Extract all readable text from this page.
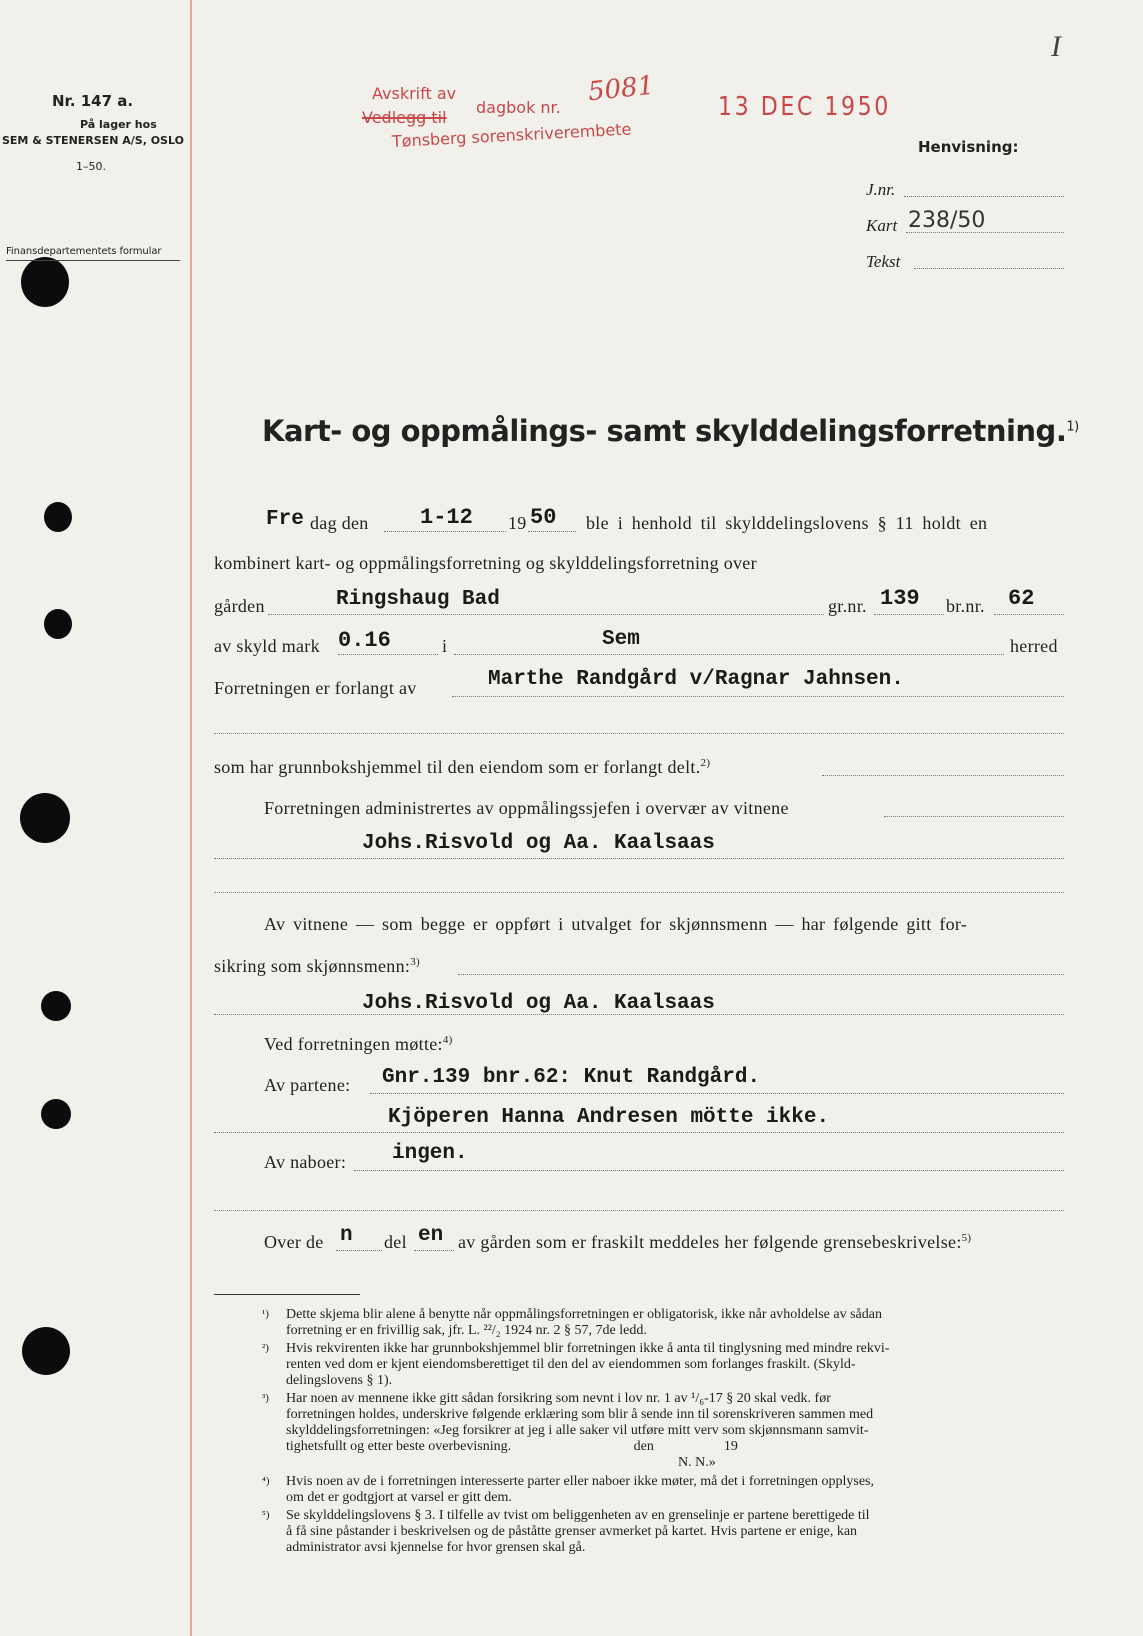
Nr. 147 a.
På lager hos
SEM & STENERSEN A/S, OSLO
1–50.
Finansdepartementets formular
Avskrift av
Vedlegg til
dagbok nr.
5081 13 DEC 1950
Tønsberg sorenskriverembete
I
Henvisning:
J.nr.
Kart 238/50
Tekst
Kart- og oppmålings- samt skylddelingsforretning.$^{1)}$
Fre dag den 1-12 19 50 ble i henhold til skylddelingslovens § 11 holdt en
kombinert kart- og oppmålingsforretning og skylddelingsforretning over
gården	Ringshaug Bad	gr.nr. 139 br.nr. 62
av skyld mark 0.16	i	Sem	herred
Forretningen er forlangt av	Marthe Randgård v/Ragnar Jahnsen.
som har grunnbokshjemmel til den eiendom som er forlangt delt.$^{2)}$
Forretningen administrertes av oppmålingssjefen i overvær av vitnene
Johs.Risvold og Aa. Kaalsaas
Av vitnene — som begge er oppført i utvalget for skjønnsmenn — har følgende gitt for-
sikring som skjønnsmenn:$^{3)}$
Johs.Risvold og Aa. Kaalsaas
Ved forretningen møtte:$^{4)}$
Av partene: Gnr.139 bnr.62: Knut Randgård.
Kjöperen Hanna Andresen mötte ikke.
Av naboer: ingen.
Over de n del en av gården som er fraskilt meddeles her følgende grensebeskrivelse:$^{5)}$
¹) Dette skjema blir alene å benytte når oppmålingsforretningen er obligatorisk, ikke når avholdelse av sådan
forretning er en frivillig sak, jfr. L. ²²/₂ 1924 nr. 2 § 57, 7de ledd.
²) Hvis rekvirenten ikke har grunnbokshjemmel blir forretningen ikke å anta til tinglysning med mindre rekvi-
renten ved dom er kjent eiendomsberettiget til den del av eiendommen som forlanges fraskilt. (Skyld-
delingslovens § 1).
³) Har noen av mennene ikke gitt sådan forsikring som nevnt i lov nr. 1 av ¹/₆-17 § 20 skal vedk. før
forretningen holdes, underskrive følgende erklæring som blir å sende inn til sorenskriveren sammen med
skylddelingsforretningen: «Jeg forsikrer at jeg i alle saker vil utføre mitt verv som skjønnsmann samvit-
tighetsfullt og etter beste overbevisning.                                   den                    19
N. N.»
⁴) Hvis noen av de i forretningen interesserte parter eller naboer ikke møter, må det i forretningen opplyses,
om det er godtgjort at varsel er gitt dem.
⁵) Se skylddelingslovens § 3. I tilfelle av tvist om beliggenheten av en grenselinje er partene berettigede til
å få sine påstander i beskrivelsen og de påståtte grenser avmerket på kartet. Hvis partene er enige, kan
administrator avsi kjennelse for hvor grensen skal gå.
